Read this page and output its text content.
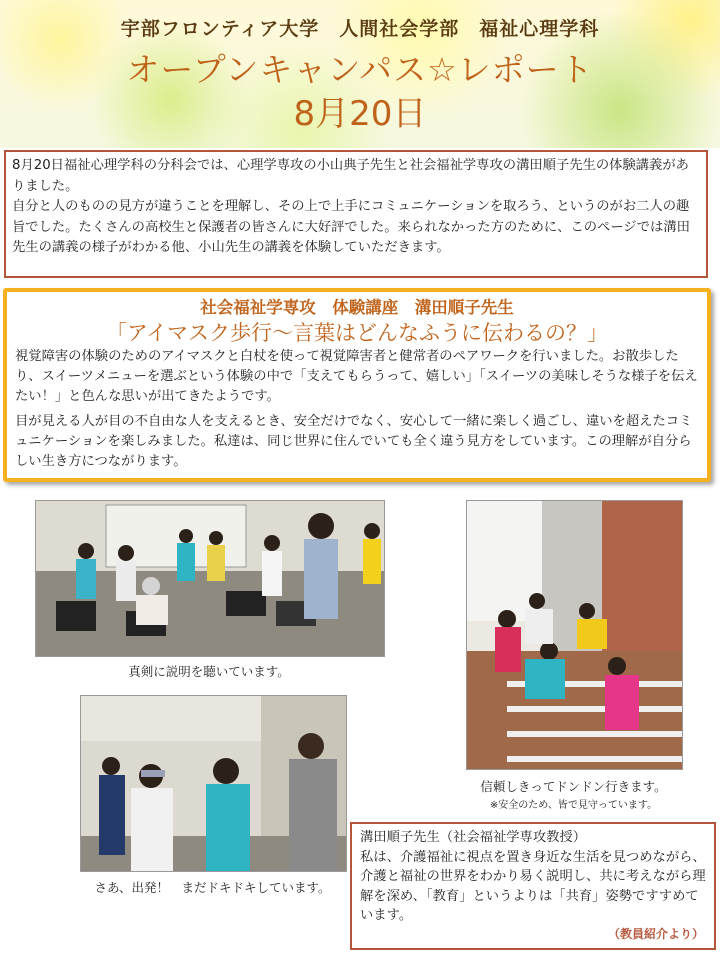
宇部フロンティア大学　人間社会学部　福祉心理学科
オープンキャンパス☆レポート
8月20日

8月20日福祉心理学科の分科会では、心理学専攻の小山典子先生と社会福祉学専攻の溝田順子先生の体験講義がありました。

自分と人のものの見方が違うことを理解し、その上で上手にコミュニケーションを取ろう、というのがお二人の趣旨でした。たくさんの高校生と保護者の皆さんに大好評でした。来られなかった方のために、このページでは溝田先生の講義の様子がわかる他、小山先生の講義を体験していただきます。

社会福祉学専攻　体験講座　溝田順子先生
「アイマスク歩行～言葉はどんなふうに伝わるの？」

視覚障害の体験のためのアイマスクと白杖を使って視覚障害者と健常者のペアワークを行いました。お散歩したり、スイーツメニューを選ぶという体験の中で「支えてもらうって、嬉しい」「スイーツの美味しそうな様子を伝えたい！」と色んな思いが出てきたようです。

目が見える人が目の不自由な人を支えるとき、安全だけでなく、安心して一緒に楽しく過ごし、違いを超えたコミュニケーションを楽しみました。私達は、同じ世界に住んでいても全く違う見方をしています。この理解が自分らしい生き方につながります。

真剣に説明を聴いています。
信頼しきってドンドン行きます。
※安全のため、皆で見守っています。
さあ、出発！　まだドキドキしています。

溝田順子先生（社会福祉学専攻教授）

私は、介護福祉に視点を置き身近な生活を見つめながら、介護と福祉の世界をわかり易く説明し、共に考えながら理解を深め、「教育」というよりは「共育」姿勢ですすめています。

（教員紹介より）
